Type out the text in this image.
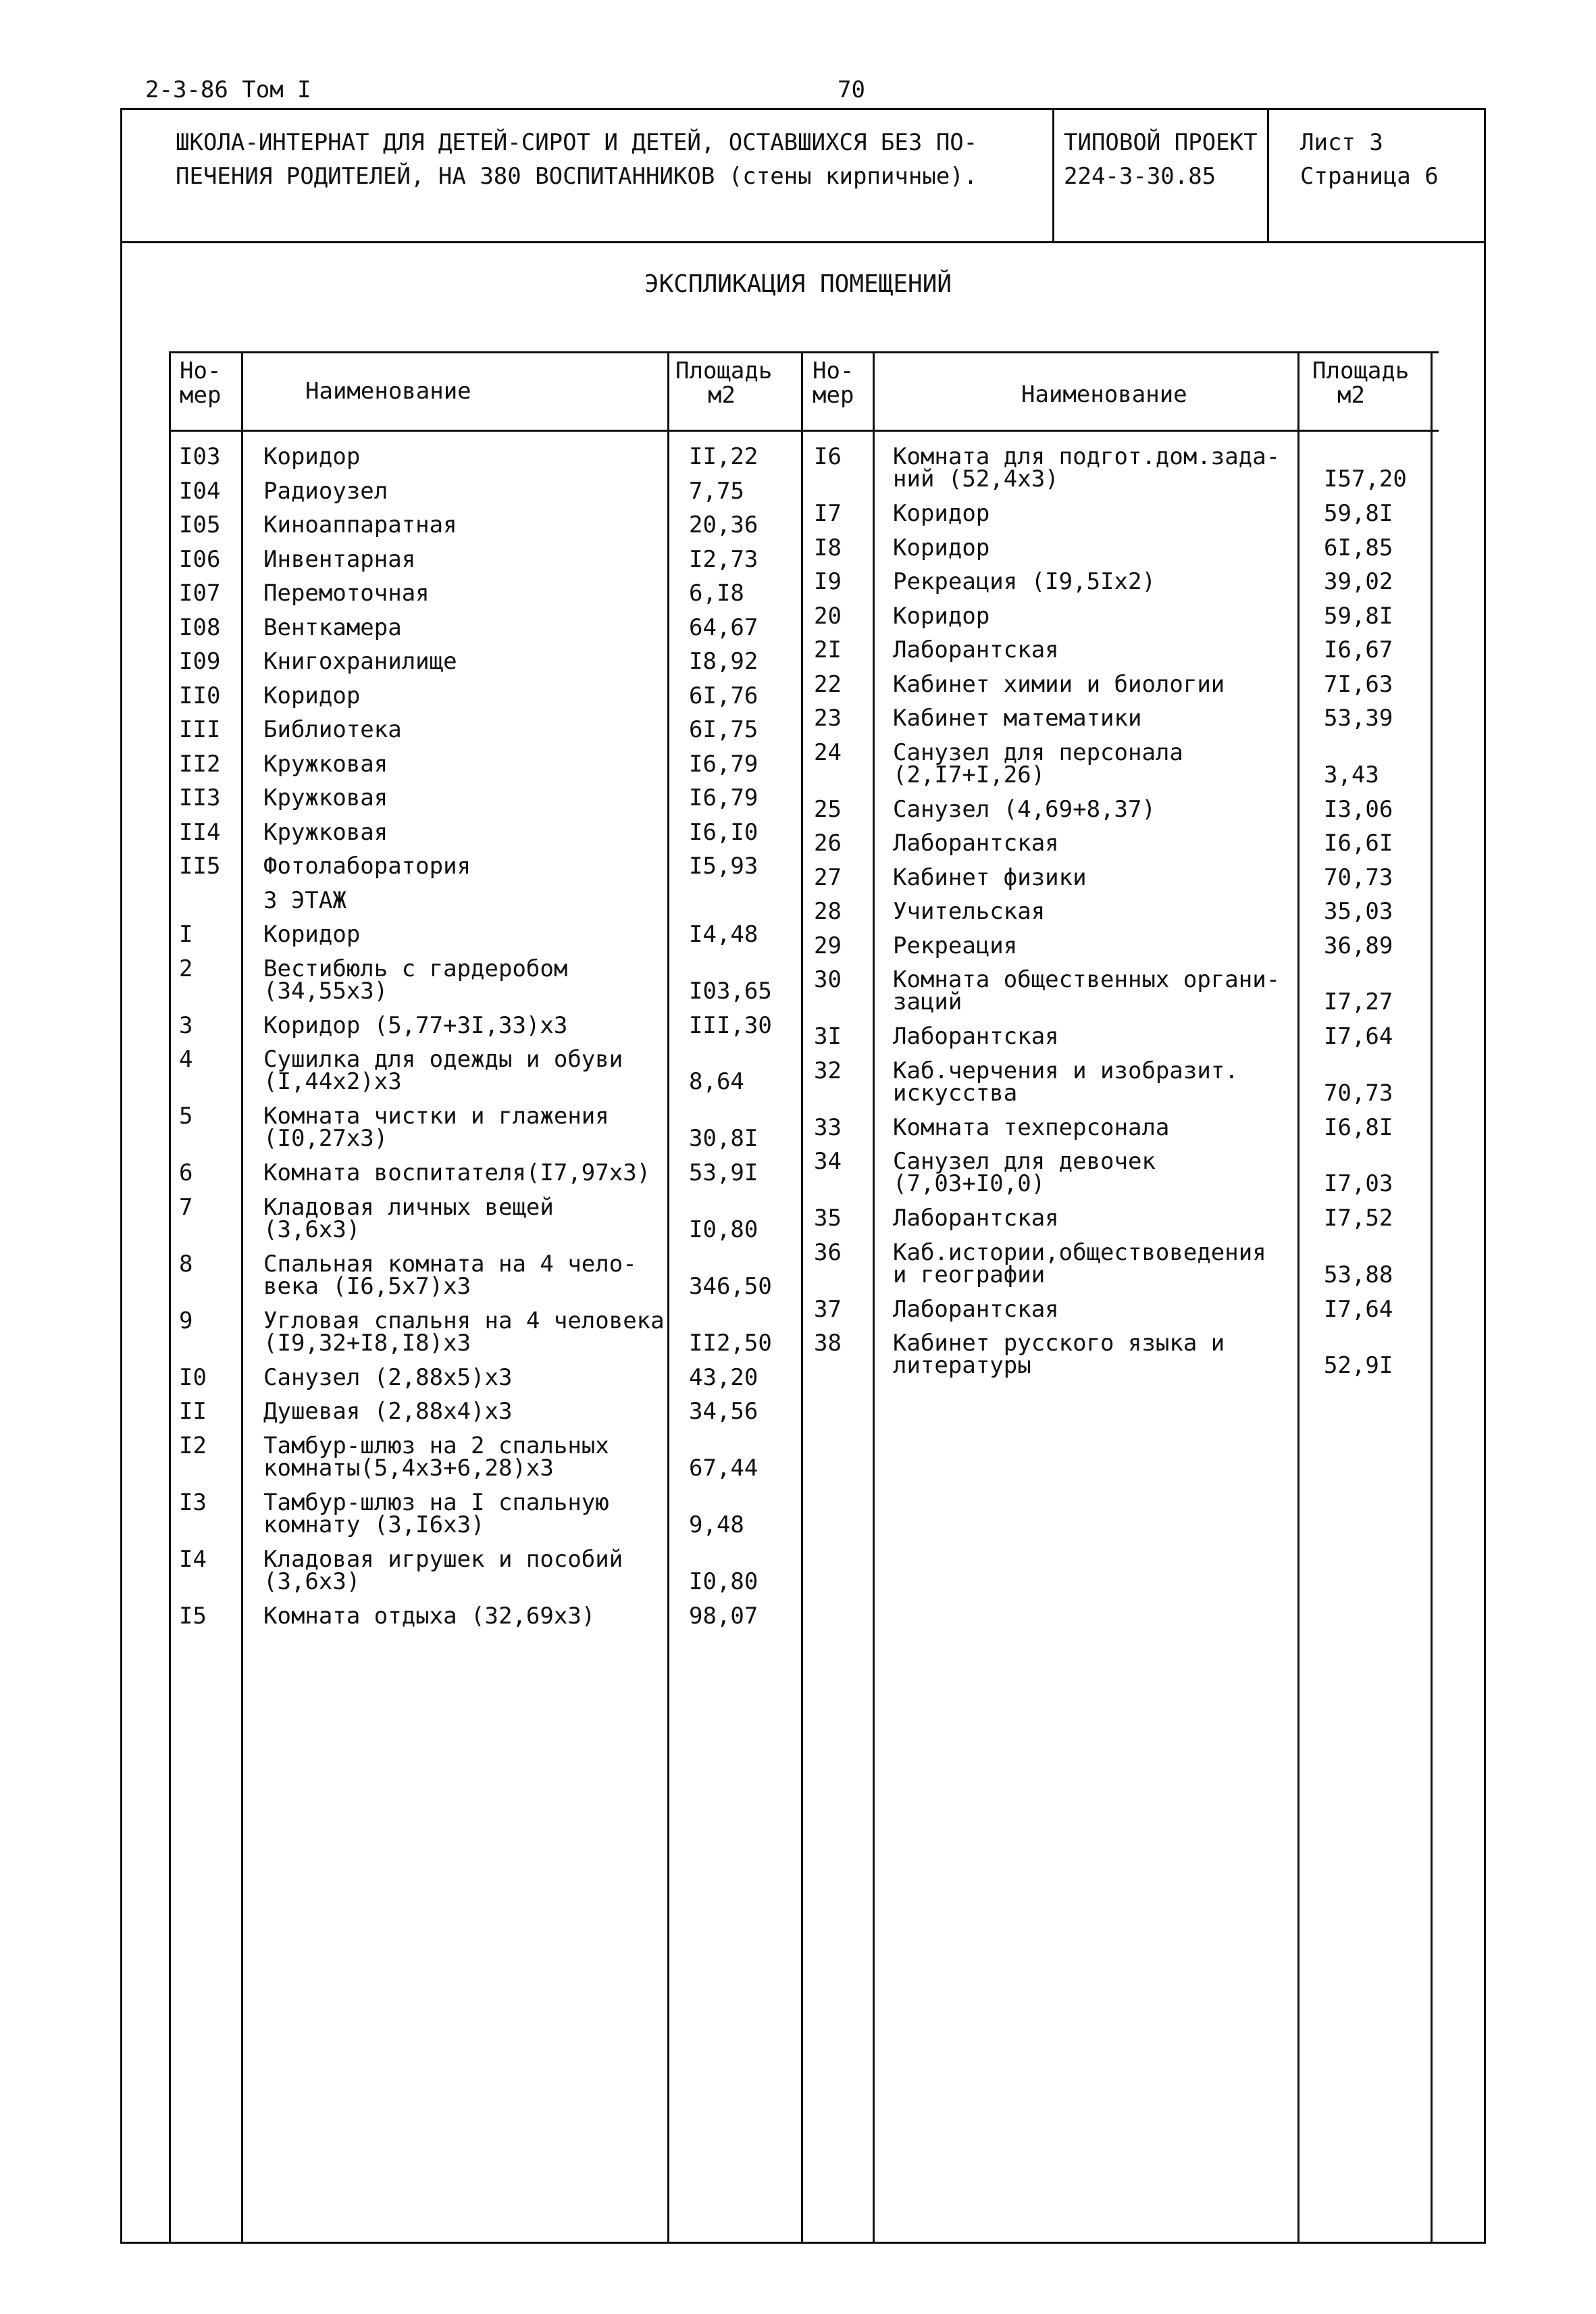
2-3-86 Том I	70
ШКОЛА-ИНТЕРНАТ ДЛЯ ДЕТЕЙ-СИРОТ И ДЕТЕЙ, ОСТАВШИХСЯ БЕЗ ПО-
ПЕЧЕНИЯ РОДИТЕЛЕЙ, НА 380 ВОСПИТАННИКОВ (стены кирпичные).
ТИПОВОЙ ПРОЕКТ
224-3-30.85
Лист 3
Страница 6
ЭКСПЛИКАЦИЯ ПОМЕЩЕНИЙ
Но-
мер	Наименование
Площадь
м2
Но-
мер	Наименование
Площадь
м2
I03 Коридор	II,22
I04 Радиоузел	7,75
I05 Киноаппаратная	20,36
I06 Инвентарная	I2,73
I07 Перемоточная	6,I8
I08 Венткамера	64,67
I09 Книгохранилище	I8,92
II0 Коридор	6I,76
III Библиотека	6I,75
II2 Кружковая	I6,79
II3 Кружковая	I6,79
II4 Кружковая	I6,I0
II5 Фотолаборатория	I5,93
3 ЭТАЖ
I	Коридор	I4,48
2	Вестибюль с гардеробом
(34,55х3)	I03,65
3	Коридор (5,77+3I,33)х3	III,30
4	Сушилка для одежды и обуви
(I,44х2)х3	8,64
5	Комната чистки и глажения
(I0,27х3)	30,8I
6	Комната воспитателя(I7,97х3) 53,9I
7	Кладовая личных вещей
(3,6х3)	I0,80
8	Спальная комната на 4 чело-
века (I6,5х7)х3	346,50
9	Угловая спальня на 4 человека
(I9,32+I8,I8)х3	II2,50
I0 Санузел (2,88х5)х3	43,20
II Душевая (2,88х4)х3	34,56
I2 Тамбур-шлюз на 2 спальных
комнаты(5,4х3+6,28)х3	67,44
I3 Тамбур-шлюз на I спальную
комнату (3,I6х3)	9,48
I4 Кладовая игрушек и пособий
(3,6х3)	I0,80
I5 Комната отдыха (32,69х3)	98,07
I6 Комната для подгот.дом.зада-
ний (52,4х3)	I57,20
I7 Коридор	59,8I
I8 Коридор	6I,85
I9 Рекреация (I9,5Iх2)	39,02
20 Коридор	59,8I
2I Лаборантская	I6,67
22 Кабинет химии и биологии	7I,63
23 Кабинет математики	53,39
24 Санузел для персонала
(2,I7+I,26)	3,43
25 Санузел (4,69+8,37)	I3,06
26 Лаборантская	I6,6I
27 Кабинет физики	70,73
28 Учительская	35,03
29 Рекреация	36,89
30 Комната общественных органи-
заций	I7,27
3I Лаборантская	I7,64
32 Каб.черчения и изобразит.
искусства	70,73
33 Комната техперсонала	I6,8I
34 Санузел для девочек
(7,03+I0,0)	I7,03
35 Лаборантская	I7,52
36 Каб.истории,обществоведения
и географии	53,88
37 Лаборантская	I7,64
38 Кабинет русского языка и
литературы	52,9I
